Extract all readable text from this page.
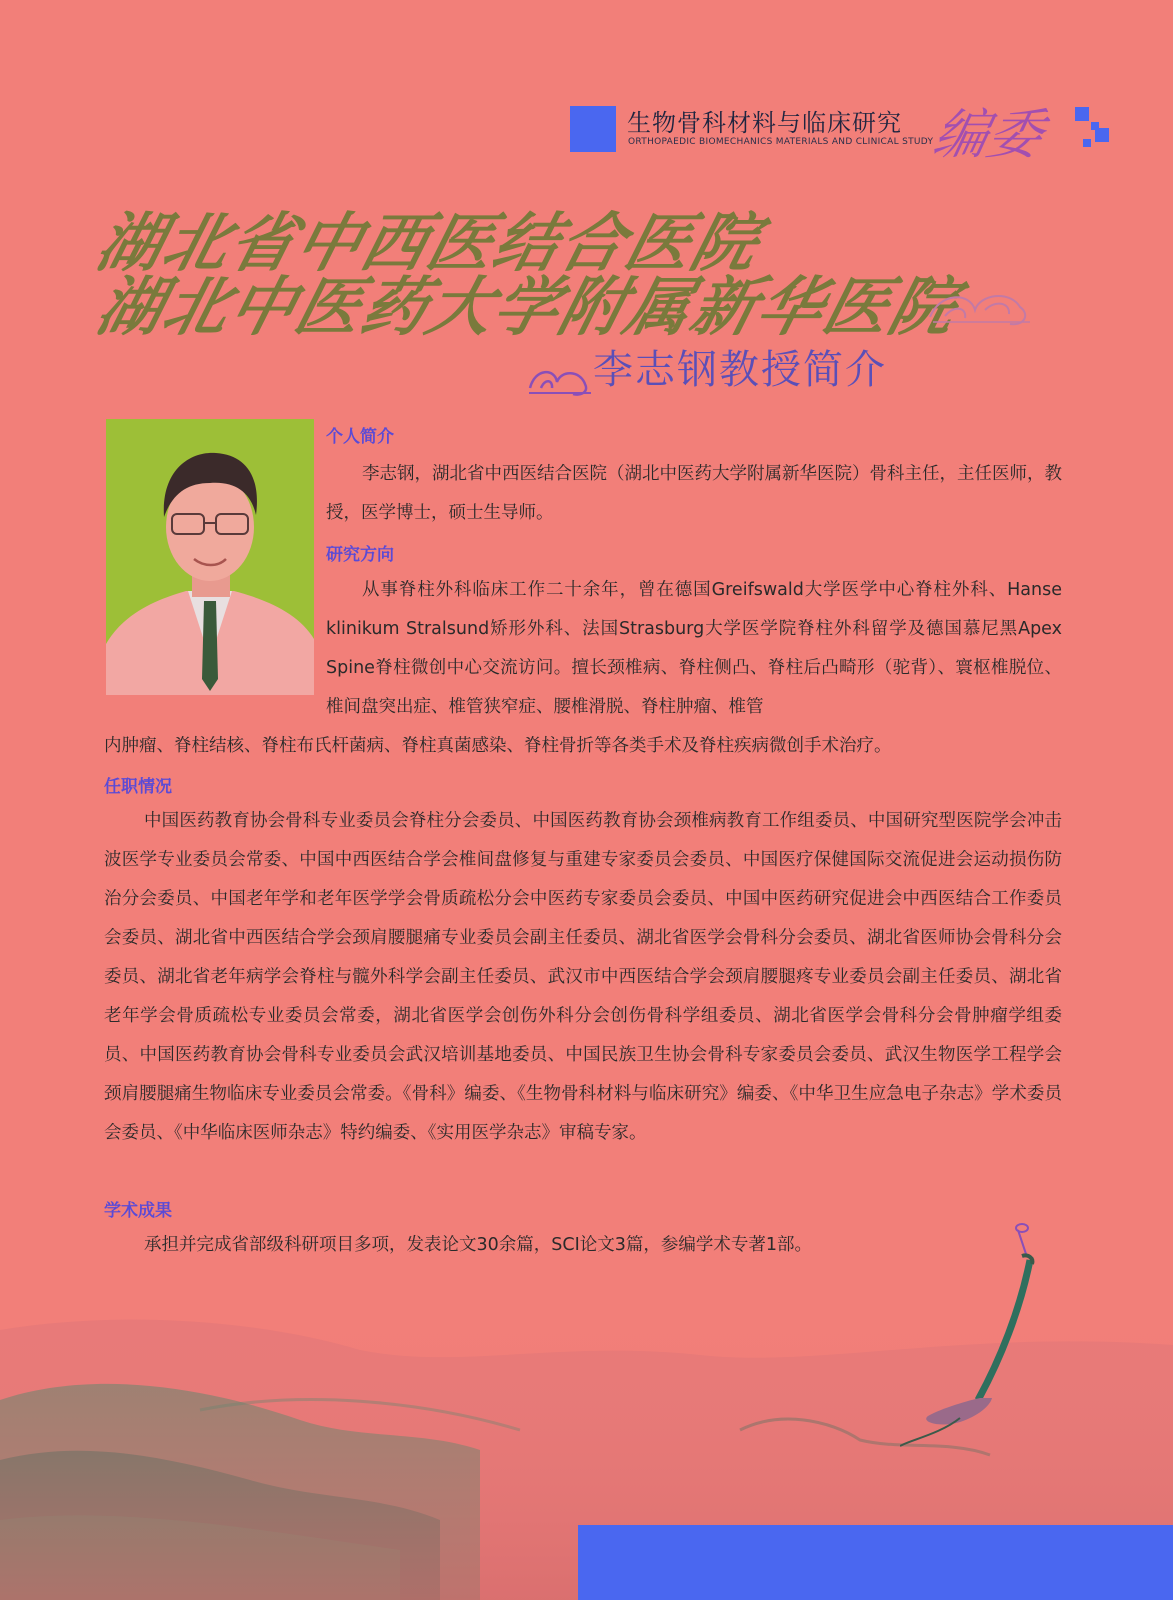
生物骨科材料与临床研究
ORTHOPAEDIC BIOMECHANICS MATERIALS AND CLINICAL STUDY
编委
湖北省中西医结合医院
湖北中医药大学附属新华医院
李志钢教授简介
个人简介
李志钢，湖北省中西医结合医院（湖北中医药大学附属新华医院）骨科主任，主任医师，教授，医学博士，硕士生导师。
研究方向
从事脊柱外科临床工作二十余年，曾在德国Greifswald大学医学中心脊柱外科、Hanse klinikum Stralsund矫形外科、法国Strasburg大学医学院脊柱外科留学及德国慕尼黑Apex Spine脊柱微创中心交流访问。擅长颈椎病、脊柱侧凸、脊柱后凸畸形（驼背）、寰枢椎脱位、椎间盘突出症、椎管狭窄症、腰椎滑脱、脊柱肿瘤、椎管
内肿瘤、脊柱结核、脊柱布氏杆菌病、脊柱真菌感染、脊柱骨折等各类手术及脊柱疾病微创手术治疗。
任职情况
中国医药教育协会骨科专业委员会脊柱分会委员、中国医药教育协会颈椎病教育工作组委员、中国研究型医院学会冲击波医学专业委员会常委、中国中西医结合学会椎间盘修复与重建专家委员会委员、中国医疗保健国际交流促进会运动损伤防治分会委员、中国老年学和老年医学学会骨质疏松分会中医药专家委员会委员、中国中医药研究促进会中西医结合工作委员会委员、湖北省中西医结合学会颈肩腰腿痛专业委员会副主任委员、湖北省医学会骨科分会委员、湖北省医师协会骨科分会委员、湖北省老年病学会脊柱与髋外科学会副主任委员、武汉市中西医结合学会颈肩腰腿疼专业委员会副主任委员、湖北省老年学会骨质疏松专业委员会常委，湖北省医学会创伤外科分会创伤骨科学组委员、湖北省医学会骨科分会骨肿瘤学组委员、中国医药教育协会骨科专业委员会武汉培训基地委员、中国民族卫生协会骨科专家委员会委员、武汉生物医学工程学会颈肩腰腿痛生物临床专业委员会常委。《骨科》编委、《生物骨科材料与临床研究》编委、《中华卫生应急电子杂志》学术委员会委员、《中华临床医师杂志》特约编委、《实用医学杂志》审稿专家。
学术成果
承担并完成省部级科研项目多项，发表论文30余篇，SCI论文3篇，参编学术专著1部。
